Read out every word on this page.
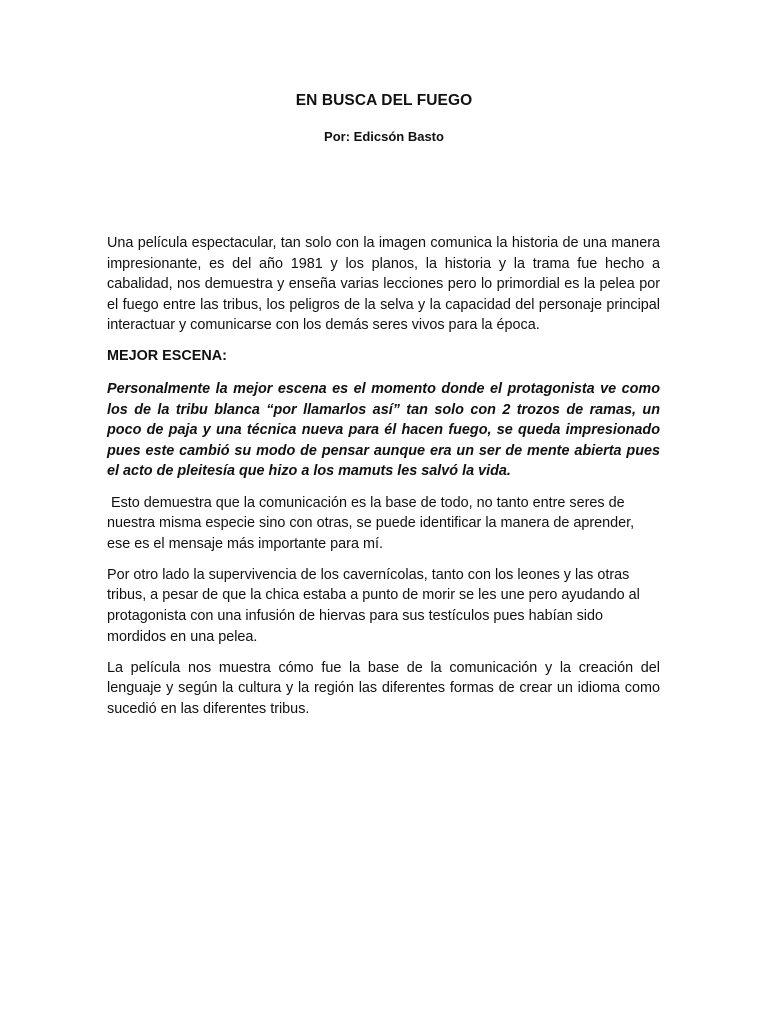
EN BUSCA DEL FUEGO

Por: Edicsón Basto

Una película espectacular, tan solo con la imagen comunica la historia de una manera impresionante, es del año 1981 y los planos, la historia y la trama fue hecho a cabalidad, nos demuestra y enseña varias lecciones pero lo primordial es la pelea por el fuego entre las tribus, los peligros de la selva y la capacidad del personaje principal interactuar y comunicarse con los demás seres vivos para la época.

MEJOR ESCENA:

Personalmente la mejor escena es el momento donde el protagonista ve como los de la tribu blanca “por llamarlos así” tan solo con 2 trozos de ramas, un poco de paja y una técnica nueva para él hacen fuego, se queda impresionado pues este cambió su modo de pensar aunque era un ser de mente abierta pues el acto de pleitesía que hizo a los mamuts les salvó la vida.

Esto demuestra que la comunicación es la base de todo, no tanto entre seres de nuestra misma especie sino con otras, se puede identificar la manera de aprender, ese es el mensaje más importante para mí.

Por otro lado la supervivencia de los cavernícolas, tanto con los leones y las otras tribus, a pesar de que la chica estaba a punto de morir se les une pero ayudando al protagonista con una infusión de hiervas para sus testículos pues habían sido mordidos en una pelea.

La película nos muestra cómo fue la base de la comunicación y la creación del lenguaje y según la cultura y la región las diferentes formas de crear un idioma como sucedió en las diferentes tribus.
